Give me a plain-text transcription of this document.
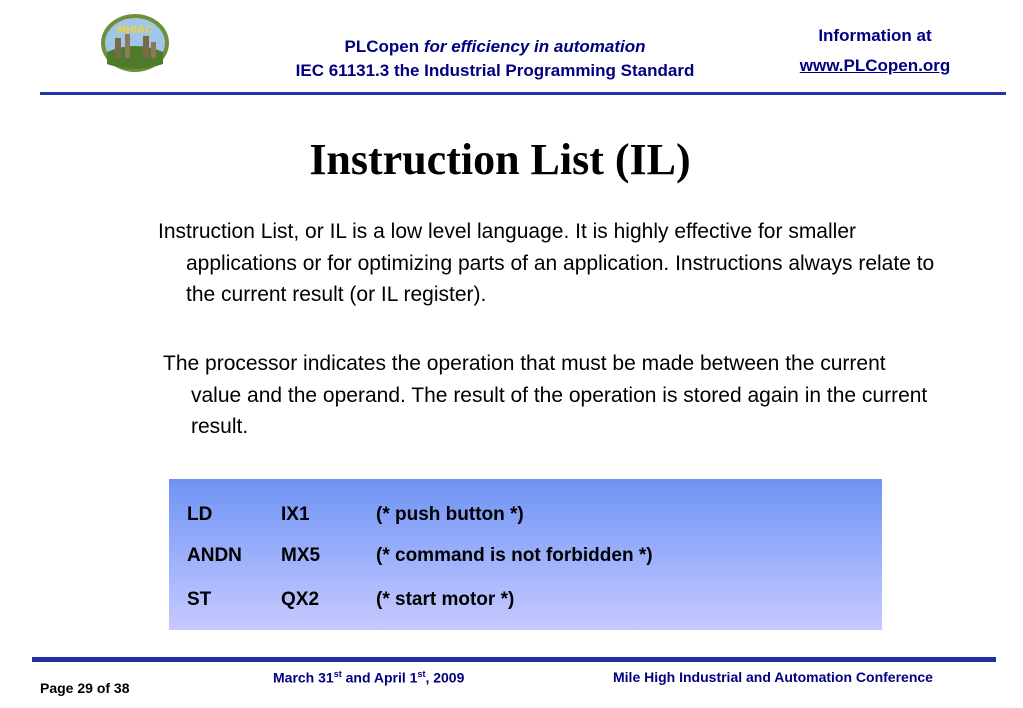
MHIAC
PLCopen for efficiency in automation
IEC 61131.3 the Industrial Programming Standard
Information at
www.PLCopen.org
Instruction List (IL)
Instruction List, or IL is a low level language. It is highly effective for smaller applications or for optimizing parts of an application. Instructions always relate to the current result (or IL register).
The processor indicates the operation that must be made between the current value and the operand. The result of the operation is stored again in the current result.
LD	IX1	(* push button *)
ANDN MX5	(* command is not forbidden *)
ST	QX2	(* start motor *)
March 31st and April 1st, 2009	Mile High Industrial and Automation Conference
Page 29 of 38
